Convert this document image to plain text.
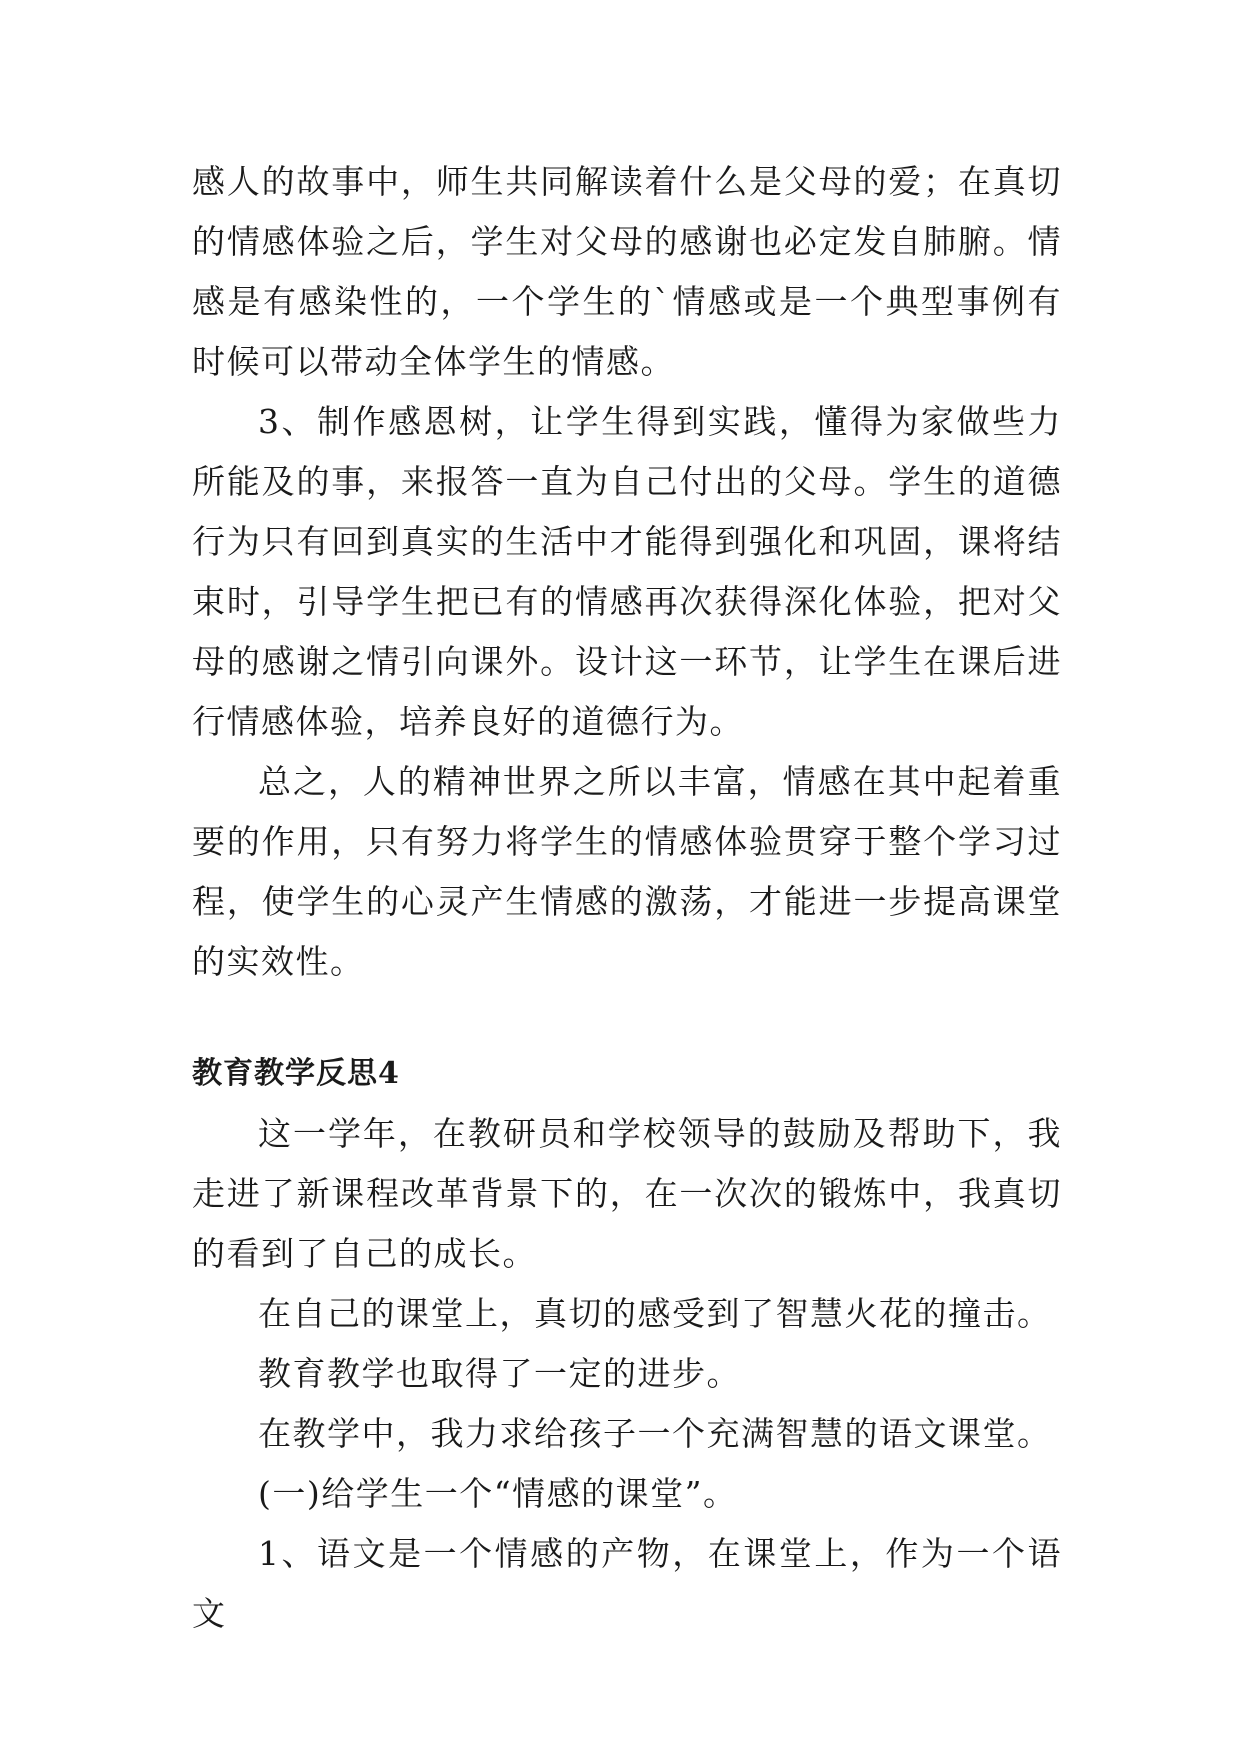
感人的故事中，师生共同解读着什么是父母的爱；在真切的情感体验之后，学生对父母的感谢也必定发自肺腑。情感是有感染性的，一个学生的`情感或是一个典型事例有时候可以带动全体学生的情感。

3、制作感恩树，让学生得到实践，懂得为家做些力所能及的事，来报答一直为自己付出的父母。学生的道德行为只有回到真实的生活中才能得到强化和巩固，课将结束时，引导学生把已有的情感再次获得深化体验，把对父母的感谢之情引向课外。设计这一环节，让学生在课后进行情感体验，培养良好的道德行为。

总之，人的精神世界之所以丰富，情感在其中起着重要的作用，只有努力将学生的情感体验贯穿于整个学习过程，使学生的心灵产生情感的激荡，才能进一步提高课堂的实效性。

教育教学反思4

这一学年，在教研员和学校领导的鼓励及帮助下，我走进了新课程改革背景下的，在一次次的锻炼中，我真切的看到了自己的成长。

在自己的课堂上，真切的感受到了智慧火花的撞击。

教育教学也取得了一定的进步。

在教学中，我力求给孩子一个充满智慧的语文课堂。

(一)给学生一个“情感的课堂”。

1、语文是一个情感的产物，在课堂上，作为一个语文
